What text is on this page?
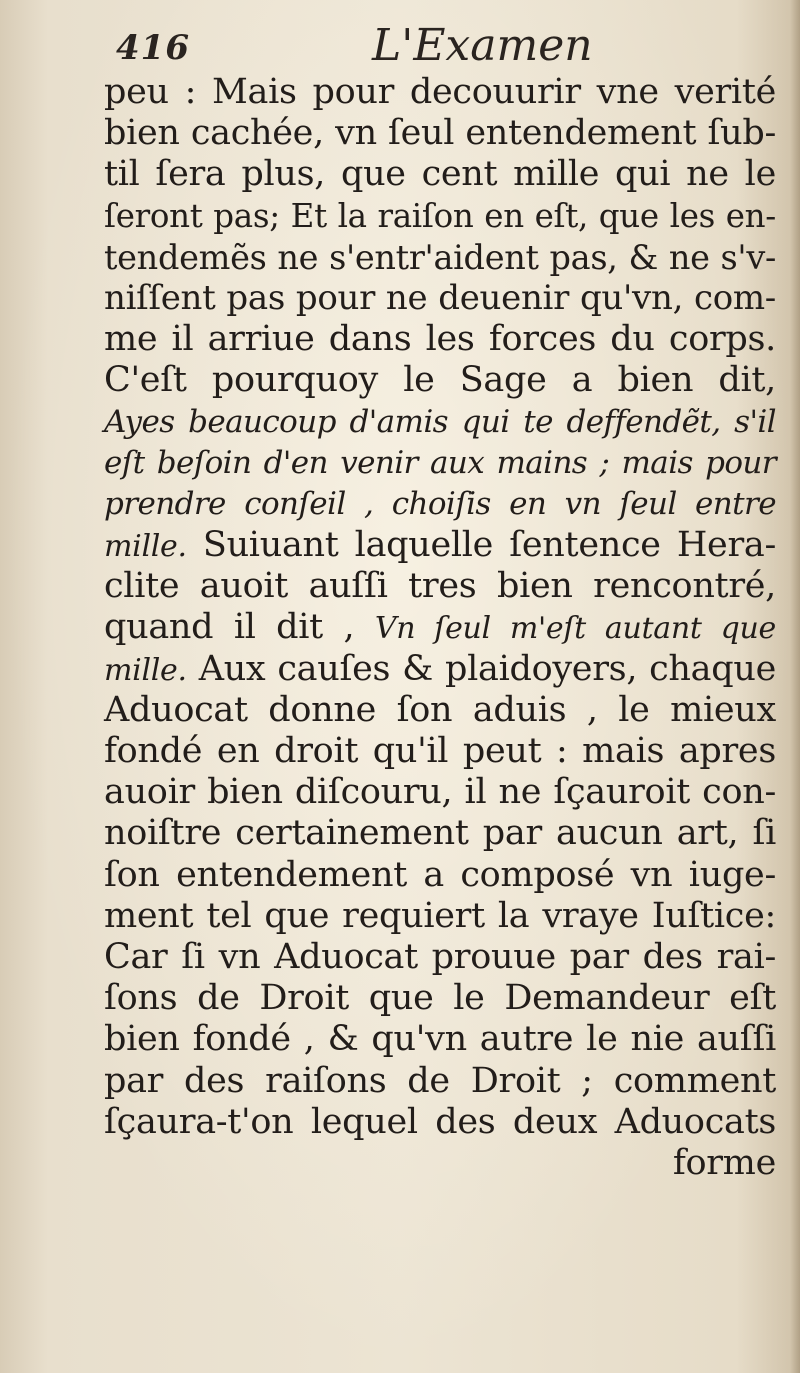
416	L'Examen
peu : Mais pour decouurir vne verité
bien cachée, vn ſeul entendement ſub-
til ſera plus, que cent mille qui ne le
ſeront pas; Et la raiſon en eſt, que les en-
tendemẽs ne s'entr'aident pas, & ne s'v-
niſſent pas pour ne deuenir qu'vn, com-
me il arriue dans les forces du corps.
C'eſt pourquoy le Sage a bien dit,
Ayes beaucoup d'amis qui te deffendẽt, s'il
eſt beſoin d'en venir aux mains ; mais pour
prendre conſeil , choiſis en vn ſeul entre
mille. Suiuant laquelle ſentence Hera-
clite auoit auſſi tres bien rencontré,
quand il dit , Vn ſeul m'eſt autant que
mille. Aux cauſes & plaidoyers, chaque
Aduocat donne ſon aduis , le mieux
fondé en droit qu'il peut : mais apres
auoir bien diſcouru, il ne ſçauroit con-
noiſtre certainement par aucun art, ſi
ſon entendement a composé vn iuge-
ment tel que requiert la vraye Iuſtice:
Car ſi vn Aduocat prouue par des rai-
ſons de Droit que le Demandeur eſt
bien fondé , & qu'vn autre le nie auſſi
par des raiſons de Droit ; comment
ſçaura-t'on lequel des deux Aduocats
forme
